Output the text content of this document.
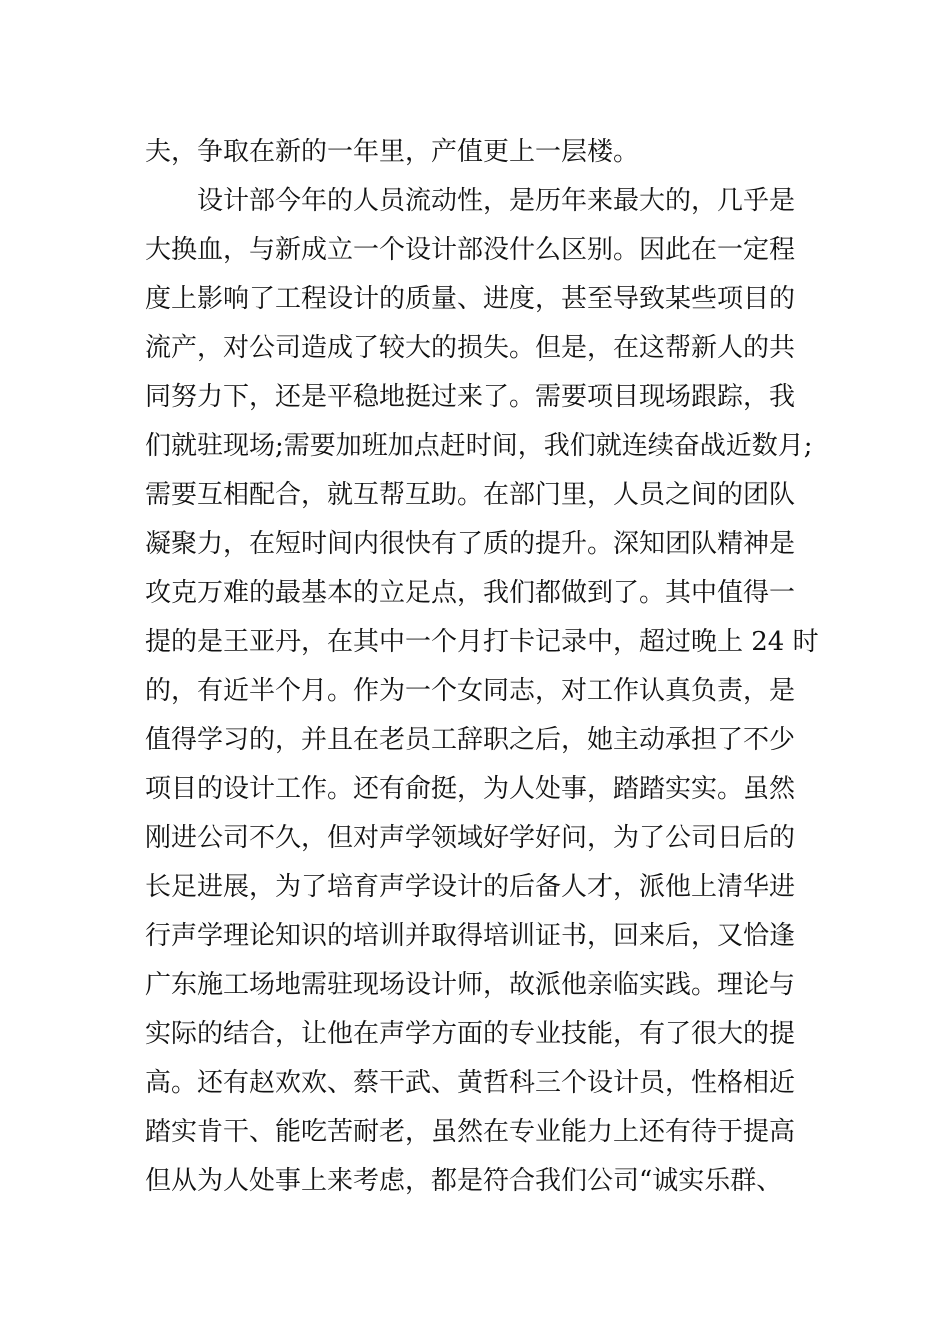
夫，争取在新的一年里，产值更上一层楼。
设计部今年的人员流动性，是历年来最大的，几乎是
大换血，与新成立一个设计部没什么区别。因此在一定程
度上影响了工程设计的质量、进度，甚至导致某些项目的
流产，对公司造成了较大的损失。但是，在这帮新人的共
同努力下，还是平稳地挺过来了。需要项目现场跟踪，我
们就驻现场;需要加班加点赶时间，我们就连续奋战近数月;
需要互相配合，就互帮互助。在部门里，人员之间的团队
凝聚力，在短时间内很快有了质的提升。深知团队精神是
攻克万难的最基本的立足点，我们都做到了。其中值得一
提的是王亚丹，在其中一个月打卡记录中，超过晚上 24 时
的，有近半个月。作为一个女同志，对工作认真负责，是
值得学习的，并且在老员工辞职之后，她主动承担了不少
项目的设计工作。还有俞挺，为人处事，踏踏实实。虽然
刚进公司不久，但对声学领域好学好问，为了公司日后的
长足进展，为了培育声学设计的后备人才，派他上清华进
行声学理论知识的培训并取得培训证书，回来后，又恰逢
广东施工场地需驻现场设计师，故派他亲临实践。理论与
实际的结合，让他在声学方面的专业技能，有了很大的提
高。还有赵欢欢、蔡干武、黄哲科三个设计员，性格相近
踏实肯干、能吃苦耐老，虽然在专业能力上还有待于提高
但从为人处事上来考虑，都是符合我们公司“诚实乐群、
